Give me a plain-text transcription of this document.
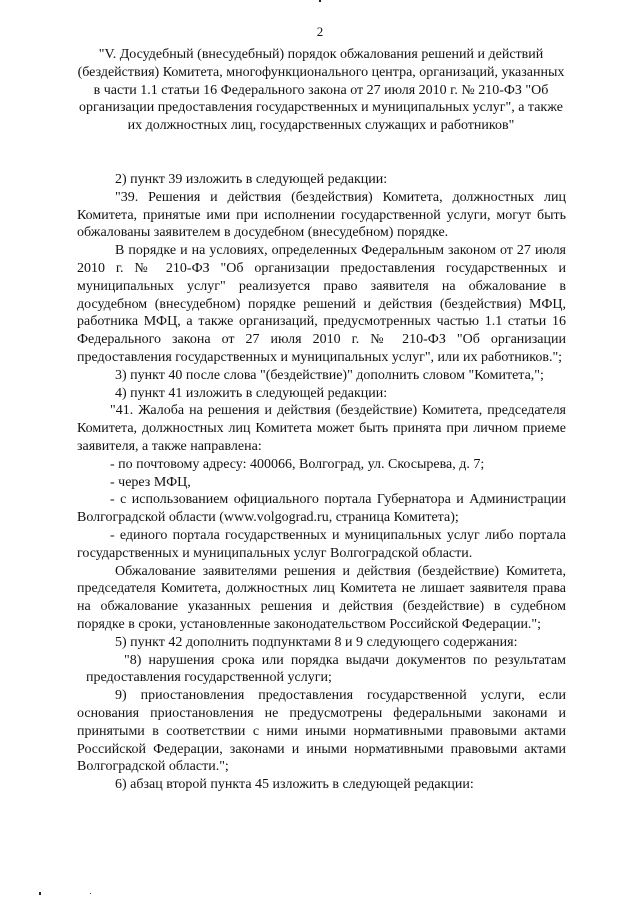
2
"V. Досудебный (внесудебный) порядок обжалования решений и действий (бездействия) Комитета, многофункционального центра, организаций, указанных в части 1.1 статьи 16 Федерального закона от 27 июля 2010 г. № 210-ФЗ "Об организации предоставления государственных и муниципальных услуг", а также их должностных лиц, государственных служащих и работников"

2) пункт 39 изложить в следующей редакции:

"39. Решения и действия (бездействия) Комитета, должностных лиц Комитета, принятые ими при исполнении государственной услуги, могут быть обжалованы заявителем в досудебном (внесудебном) порядке.

В порядке и на условиях, определенных Федеральным законом от 27 июля 2010 г. № 210-ФЗ "Об организации предоставления государственных и муниципальных услуг" реализуется право заявителя на обжалование в досудебном (внесудебном) порядке решений и действия (бездействия) МФЦ, работника МФЦ, а также организаций, предусмотренных частью 1.1 статьи 16 Федерального закона от 27 июля 2010 г. № 210-ФЗ "Об организации предоставления государственных и муниципальных услуг", или их работников.";

3) пункт 40 после слова "(бездействие)" дополнить словом "Комитета,";

4) пункт 41 изложить в следующей редакции:

"41. Жалоба на решения и действия (бездействие) Комитета, председателя Комитета, должностных лиц Комитета может быть принята при личном приеме заявителя, а также направлена:

- по почтовому адресу: 400066, Волгоград, ул. Скосырева, д. 7;

- через МФЦ,

- с использованием официального портала Губернатора и Администрации Волгоградской области (www.volgograd.ru, страница Комитета);

- единого портала государственных и муниципальных услуг либо портала государственных и муниципальных услуг Волгоградской области.

Обжалование заявителями решения и действия (бездействие) Комитета, председателя Комитета, должностных лиц Комитета не лишает заявителя права на обжалование указанных решения и действия (бездействие) в судебном порядке в сроки, установленные законодательством Российской Федерации.";

5) пункт 42 дополнить подпунктами 8 и 9 следующего содержания:

"8) нарушения срока или порядка выдачи документов по результатам предоставления государственной услуги;

9) приостановления предоставления государственной услуги, если основания приостановления не предусмотрены федеральными законами и принятыми в соответствии с ними иными нормативными правовыми актами Российской Федерации, законами и иными нормативными правовыми актами Волгоградской области.";

6) абзац второй пункта 45 изложить в следующей редакции:
